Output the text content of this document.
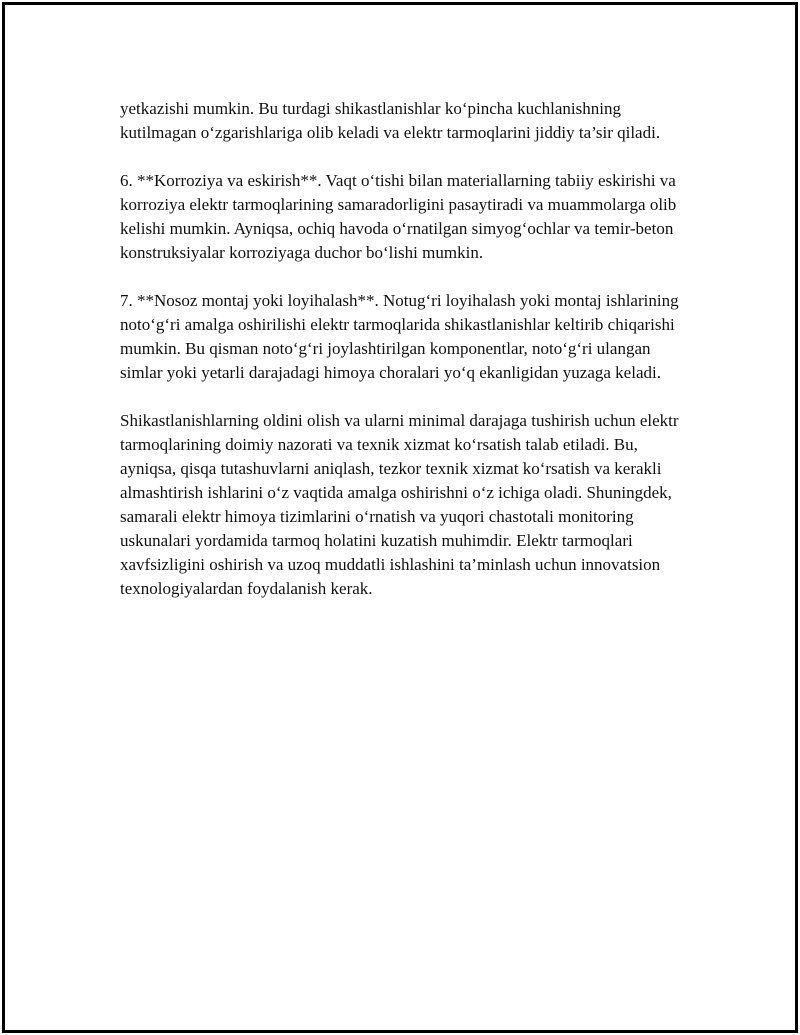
yetkazishi mumkin. Bu turdagi shikastlanishlar ko‘pincha kuchlanishning kutilmagan o‘zgarishlariga olib keladi va elektr tarmoqlarini jiddiy ta’sir qiladi.

6. **Korroziya va eskirish**. Vaqt o‘tishi bilan materiallarning tabiiy eskirishi va korroziya elektr tarmoqlarining samaradorligini pasaytiradi va muammolarga olib kelishi mumkin. Ayniqsa, ochiq havoda o‘rnatilgan simyog‘ochlar va temir-beton konstruksiyalar korroziyaga duchor bo‘lishi mumkin.

7. **Nosoz montaj yoki loyihalash**. Notug‘ri loyihalash yoki montaj ishlarining noto‘g‘ri amalga oshirilishi elektr tarmoqlarida shikastlanishlar keltirib chiqarishi mumkin. Bu qisman noto‘g‘ri joylashtirilgan komponentlar, noto‘g‘ri ulangan simlar yoki yetarli darajadagi himoya choralari yo‘q ekanligidan yuzaga keladi.

Shikastlanishlarning oldini olish va ularni minimal darajaga tushirish uchun elektr tarmoqlarining doimiy nazorati va texnik xizmat ko‘rsatish talab etiladi. Bu, ayniqsa, qisqa tutashuvlarni aniqlash, tezkor texnik xizmat ko‘rsatish va kerakli almashtirish ishlarini o‘z vaqtida amalga oshirishni o‘z ichiga oladi. Shuningdek, samarali elektr himoya tizimlarini o‘rnatish va yuqori chastotali monitoring uskunalari yordamida tarmoq holatini kuzatish muhimdir. Elektr tarmoqlari xavfsizligini oshirish va uzoq muddatli ishlashini ta’minlash uchun innovatsion texnologiyalardan foydalanish kerak.
